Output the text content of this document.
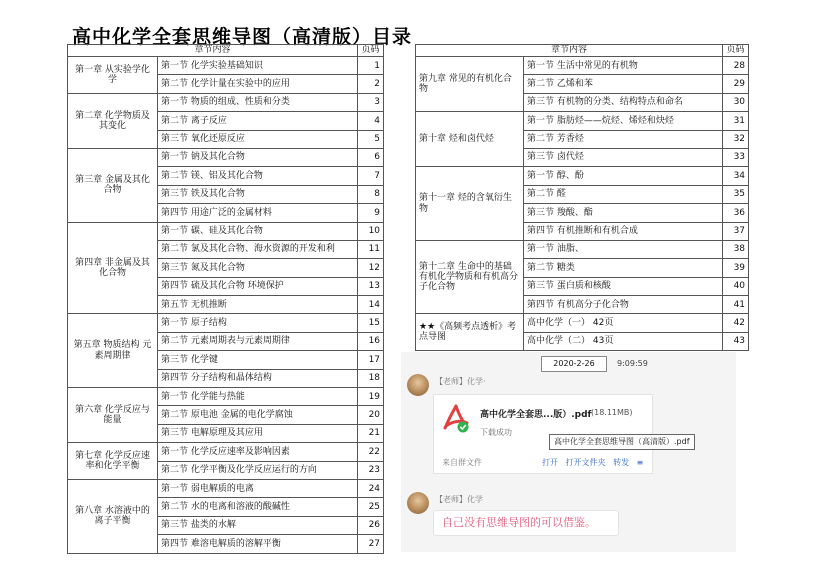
高中化学全套思维导图（高清版）目录
章节内容		页码
第一章 从实验学化学	第一节 化学实验基础知识	1
	第二节 化学计量在实验中的应用	2
第二章 化学物质及其变化	第一节 物质的组成、性质和分类	3
	第二节 离子反应	4
	第三节 氧化还原反应	5
第三章 金属及其化合物	第一节 钠及其化合物	6
	第二节 镁、铝及其化合物	7
	第三节 铁及其化合物	8
	第四节 用途广泛的金属材料	9
第四章 非金属及其化合物	第一节 碳、硅及其化合物	10
	第二节 氯及其化合物、海水资源的开发和利	11
	第三节 氮及其化合物	12
	第四节 硫及其化合物 环境保护	13
	第五节 无机推断	14
第五章 物质结构 元素周期律	第一节 原子结构	15
	第二节 元素周期表与元素周期律	16
	第三节 化学键	17
	第四节 分子结构和晶体结构	18
第六章 化学反应与能量	第一节 化学能与热能	19
	第二节 原电池 金属的电化学腐蚀	20
	第三节 电解原理及其应用	21
第七章 化学反应速率和化学平衡	第一节 化学反应速率及影响因素	22
	第二节 化学平衡及化学反应运行的方向	23
第八章 水溶液中的离子平衡	第一节 弱电解质的电离	24
	第二节 水的电离和溶液的酸碱性	25
	第三节 盐类的水解	26
	第四节 难溶电解质的溶解平衡	27
章节内容		页码
第九章 常见的有机化合物	第一节 生活中常见的有机物	28
	第二节 乙烯和苯	29
	第三节 有机物的分类、结构特点和命名	30
第十章 烃和卤代烃	第一节 脂肪烃——烷烃、烯烃和炔烃	31
	第二节 芳香烃	32
	第三节 卤代烃	33
第十一章 烃的含氧衍生物	第一节 醇、酚	34
	第二节 醛	35
	第三节 羧酸、酯	36
	第四节 有机推断和有机合成	37
第十二章 生命中的基础有机化学物质和有机高分子化合物	第一节 油脂、	38
	第二节 糖类	39
	第三节 蛋白质和核酸	40
	第四节 有机高分子化合物	41
★★《高频考点透析》考点导图	高中化学（一） 42页	42
	高中化学（二） 43页	43
2020-2-26	9:09:59
【老师】化学·
高中化学全套思...版）.pdf (18.11MB)
下载成功
来自群文件	打开 打开文件夹 转发 ≡
高中化学全套思维导图（高清版）.pdf
【老师】化学
自己没有思维导图的可以借鉴。
